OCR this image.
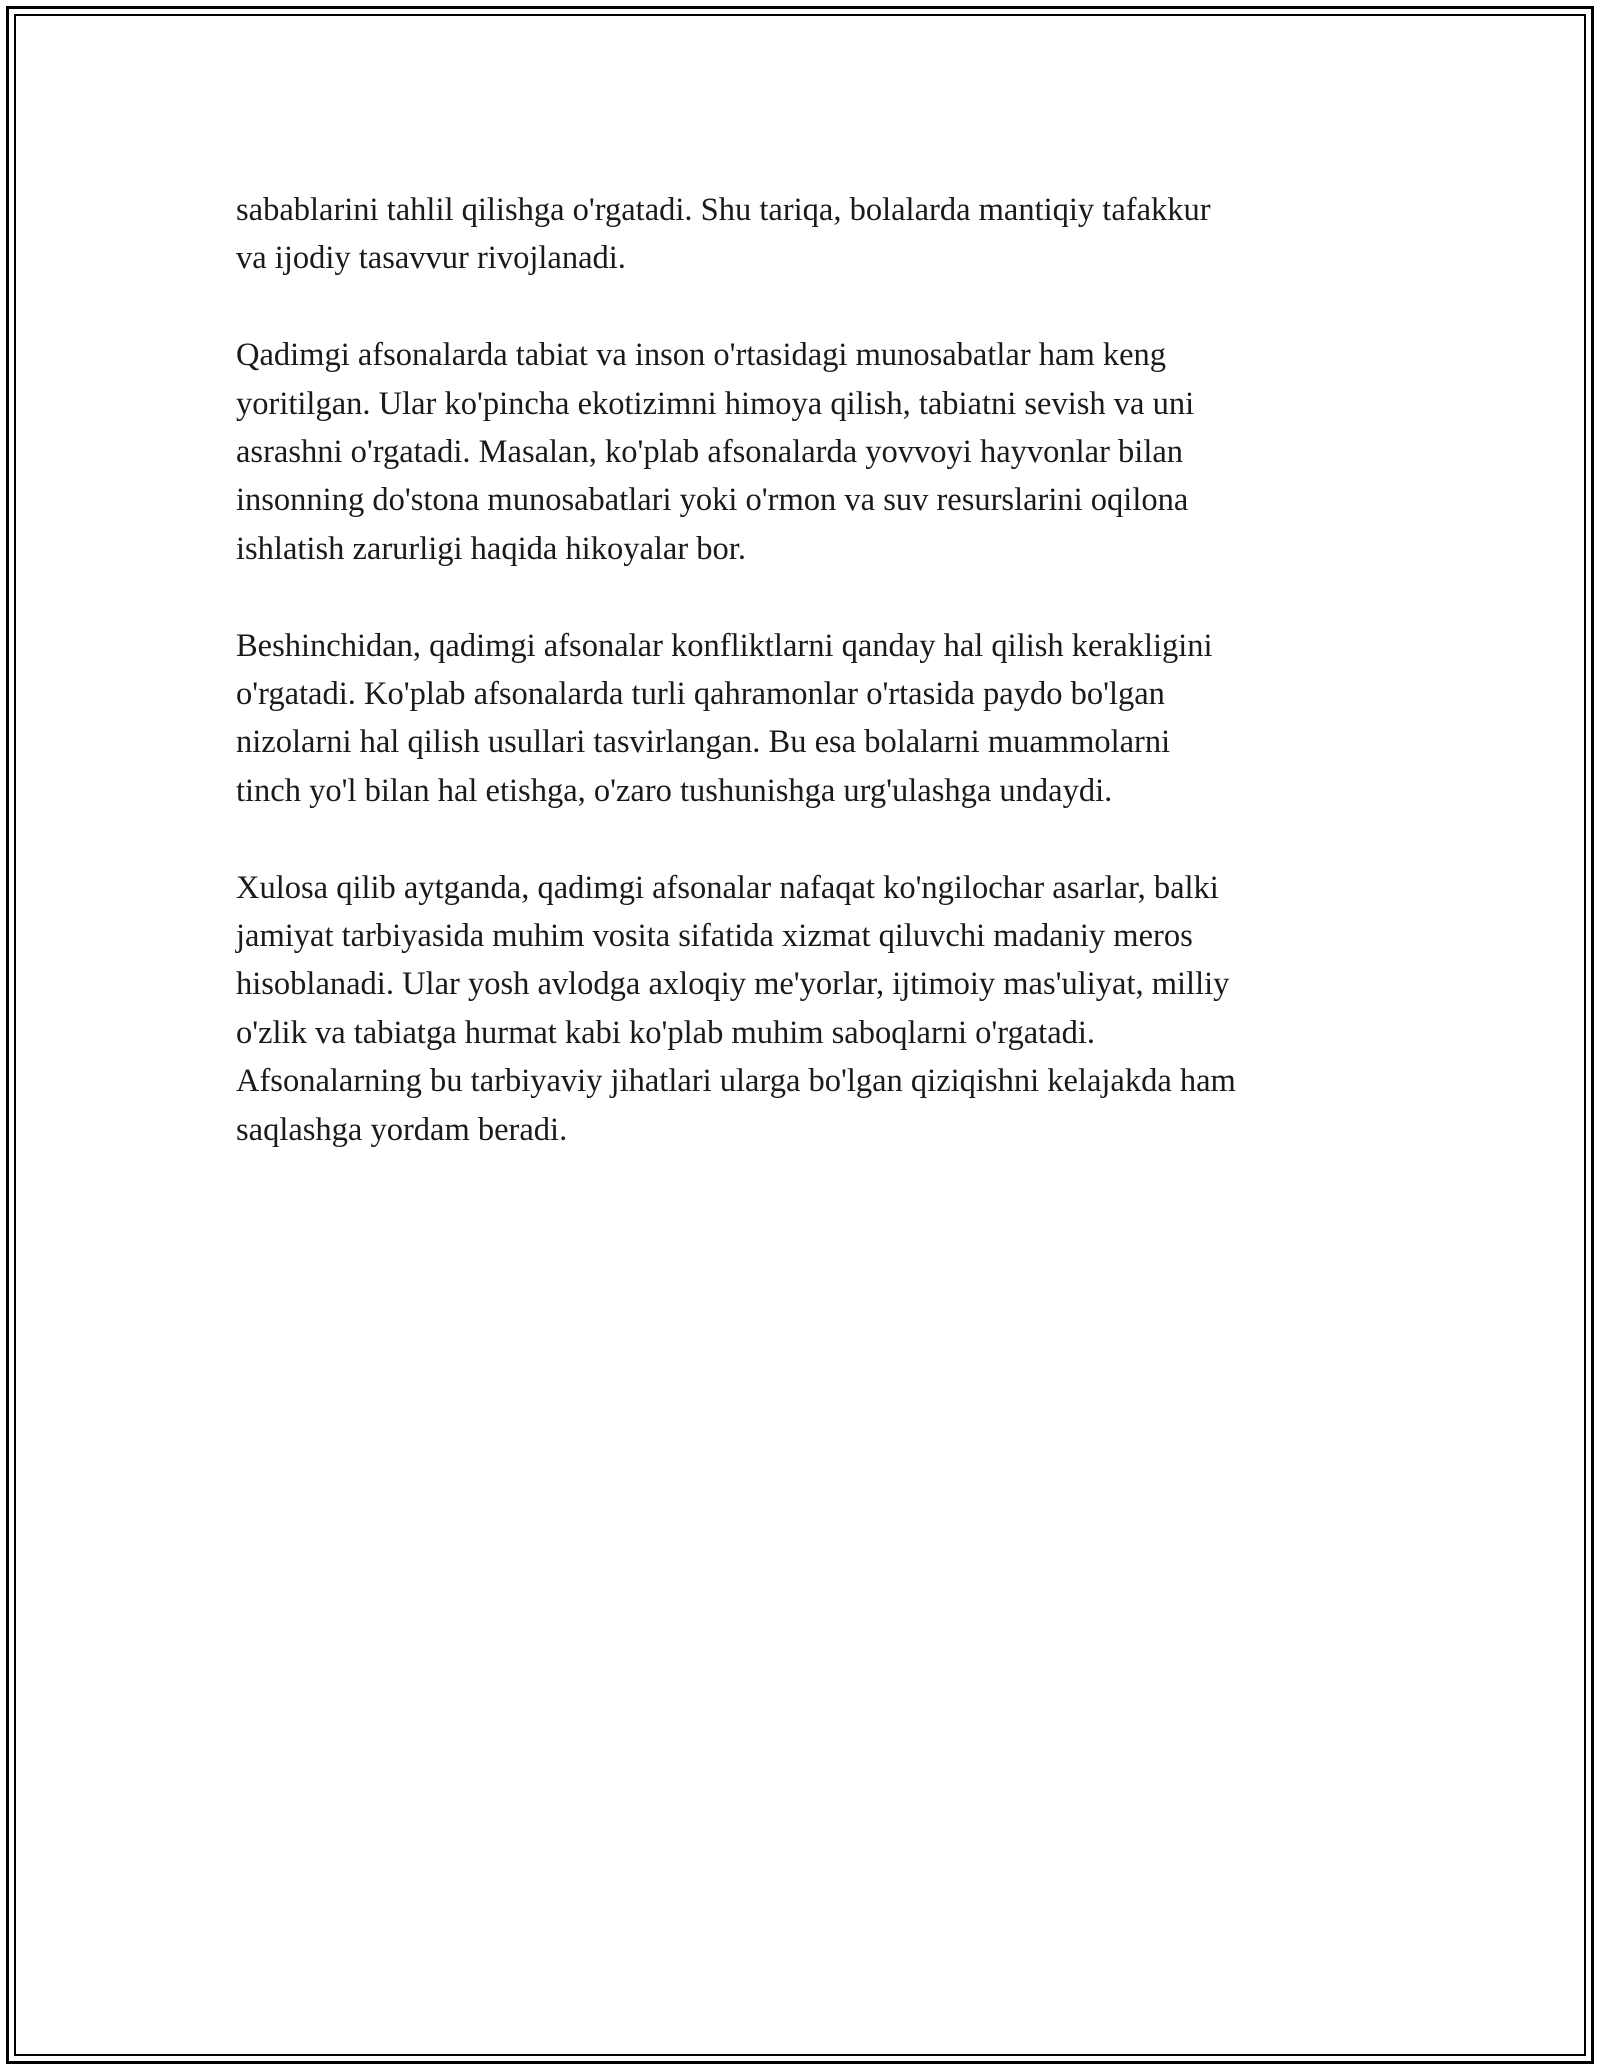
sabablarini tahlil qilishga o'rgatadi. Shu tariqa, bolalarda mantiqiy tafakkur
va ijodiy tasavvur rivojlanadi.

Qadimgi afsonalarda tabiat va inson o'rtasidagi munosabatlar ham keng
yoritilgan. Ular ko'pincha ekotizimni himoya qilish, tabiatni sevish va uni
asrashni o'rgatadi. Masalan, ko'plab afsonalarda yovvoyi hayvonlar bilan
insonning do'stona munosabatlari yoki o'rmon va suv resurslarini oqilona
ishlatish zarurligi haqida hikoyalar bor.

Beshinchidan, qadimgi afsonalar konfliktlarni qanday hal qilish kerakligini
o'rgatadi. Ko'plab afsonalarda turli qahramonlar o'rtasida paydo bo'lgan
nizolarni hal qilish usullari tasvirlangan. Bu esa bolalarni muammolarni
tinch yo'l bilan hal etishga, o'zaro tushunishga urg'ulashga undaydi.

Xulosa qilib aytganda, qadimgi afsonalar nafaqat ko'ngilochar asarlar, balki
jamiyat tarbiyasida muhim vosita sifatida xizmat qiluvchi madaniy meros
hisoblanadi. Ular yosh avlodga axloqiy me'yorlar, ijtimoiy mas'uliyat, milliy
o'zlik va tabiatga hurmat kabi ko'plab muhim saboqlarni o'rgatadi.
Afsonalarning bu tarbiyaviy jihatlari ularga bo'lgan qiziqishni kelajakda ham
saqlashga yordam beradi.
